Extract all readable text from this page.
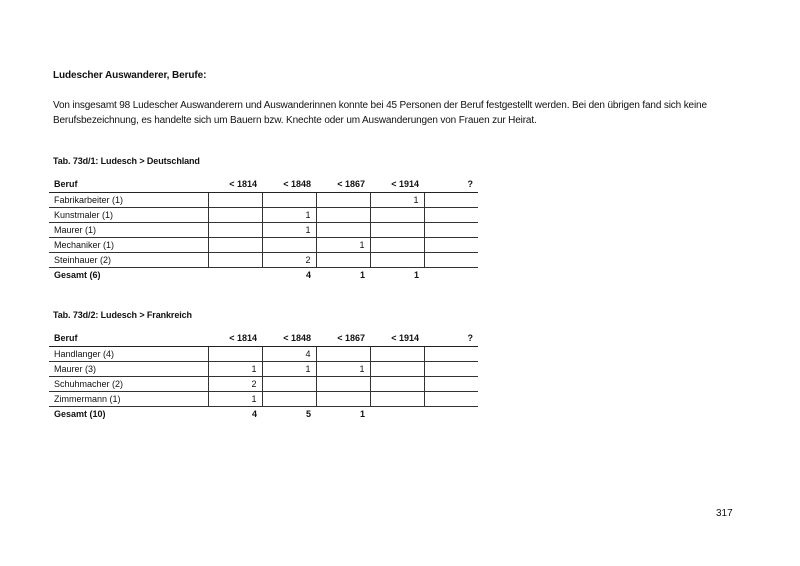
Ludescher Auswanderer, Berufe:
Von insgesamt 98 Ludescher Auswanderern und Auswanderinnen konnte bei 45 Personen der Beruf festgestellt werden. Bei den übrigen fand sich keine Berufsbezeichnung, es handelte sich um Bauern bzw. Knechte oder um Auswanderungen von Frauen zur Heirat.
Tab. 73d/1: Ludesch > Deutschland
Beruf	< 1814	< 1848	< 1867	< 1914	?
Fabrikarbeiter (1)				1	
Kunstmaler (1)		1			
Maurer (1)		1			
Mechaniker (1)			1		
Steinhauer (2)		2			
Gesamt (6)		4	1	1	
Tab. 73d/2: Ludesch > Frankreich
Beruf	< 1814	< 1848	< 1867	< 1914	?
Handlanger (4)		4			
Maurer (3)	1	1	1		
Schuhmacher (2)	2				
Zimmermann (1)	1				
Gesamt (10)	4	5	1		
317
